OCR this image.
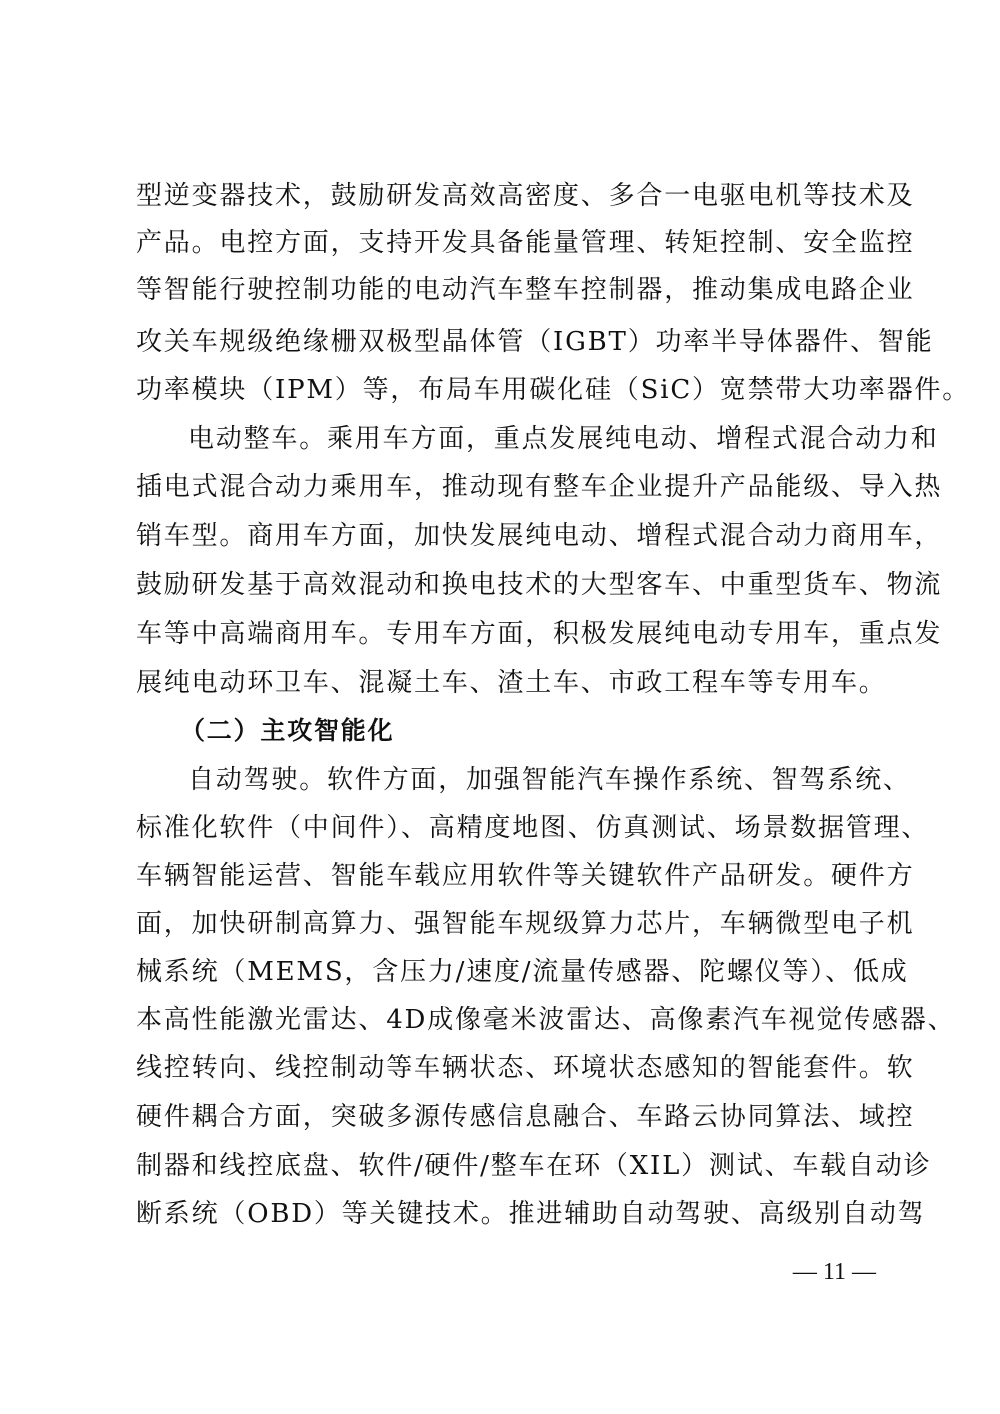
型逆变器技术，鼓励研发高效高密度、多合一电驱电机等技术及
产品。电控方面，支持开发具备能量管理、转矩控制、安全监控
等智能行驶控制功能的电动汽车整车控制器，推动集成电路企业
攻关车规级绝缘栅双极型晶体管（IGBT）功率半导体器件、智能
功率模块（IPM）等，布局车用碳化硅（SiC）宽禁带大功率器件。
电动整车。乘用车方面，重点发展纯电动、增程式混合动力和
插电式混合动力乘用车，推动现有整车企业提升产品能级、导入热
销车型。商用车方面，加快发展纯电动、增程式混合动力商用车，
鼓励研发基于高效混动和换电技术的大型客车、中重型货车、物流
车等中高端商用车。专用车方面，积极发展纯电动专用车，重点发
展纯电动环卫车、混凝土车、渣土车、市政工程车等专用车。
（二）主攻智能化
自动驾驶。软件方面，加强智能汽车操作系统、智驾系统、
标准化软件（中间件）、高精度地图、仿真测试、场景数据管理、
车辆智能运营、智能车载应用软件等关键软件产品研发。硬件方
面，加快研制高算力、强智能车规级算力芯片，车辆微型电子机
械系统（MEMS，含压力/速度/流量传感器、陀螺仪等）、低成
本高性能激光雷达、4D成像毫米波雷达、高像素汽车视觉传感器、
线控转向、线控制动等车辆状态、环境状态感知的智能套件。软
硬件耦合方面，突破多源传感信息融合、车路云协同算法、域控
制器和线控底盘、软件/硬件/整车在环（XIL）测试、车载自动诊
断系统（OBD）等关键技术。推进辅助自动驾驶、高级别自动驾
— 11 —
